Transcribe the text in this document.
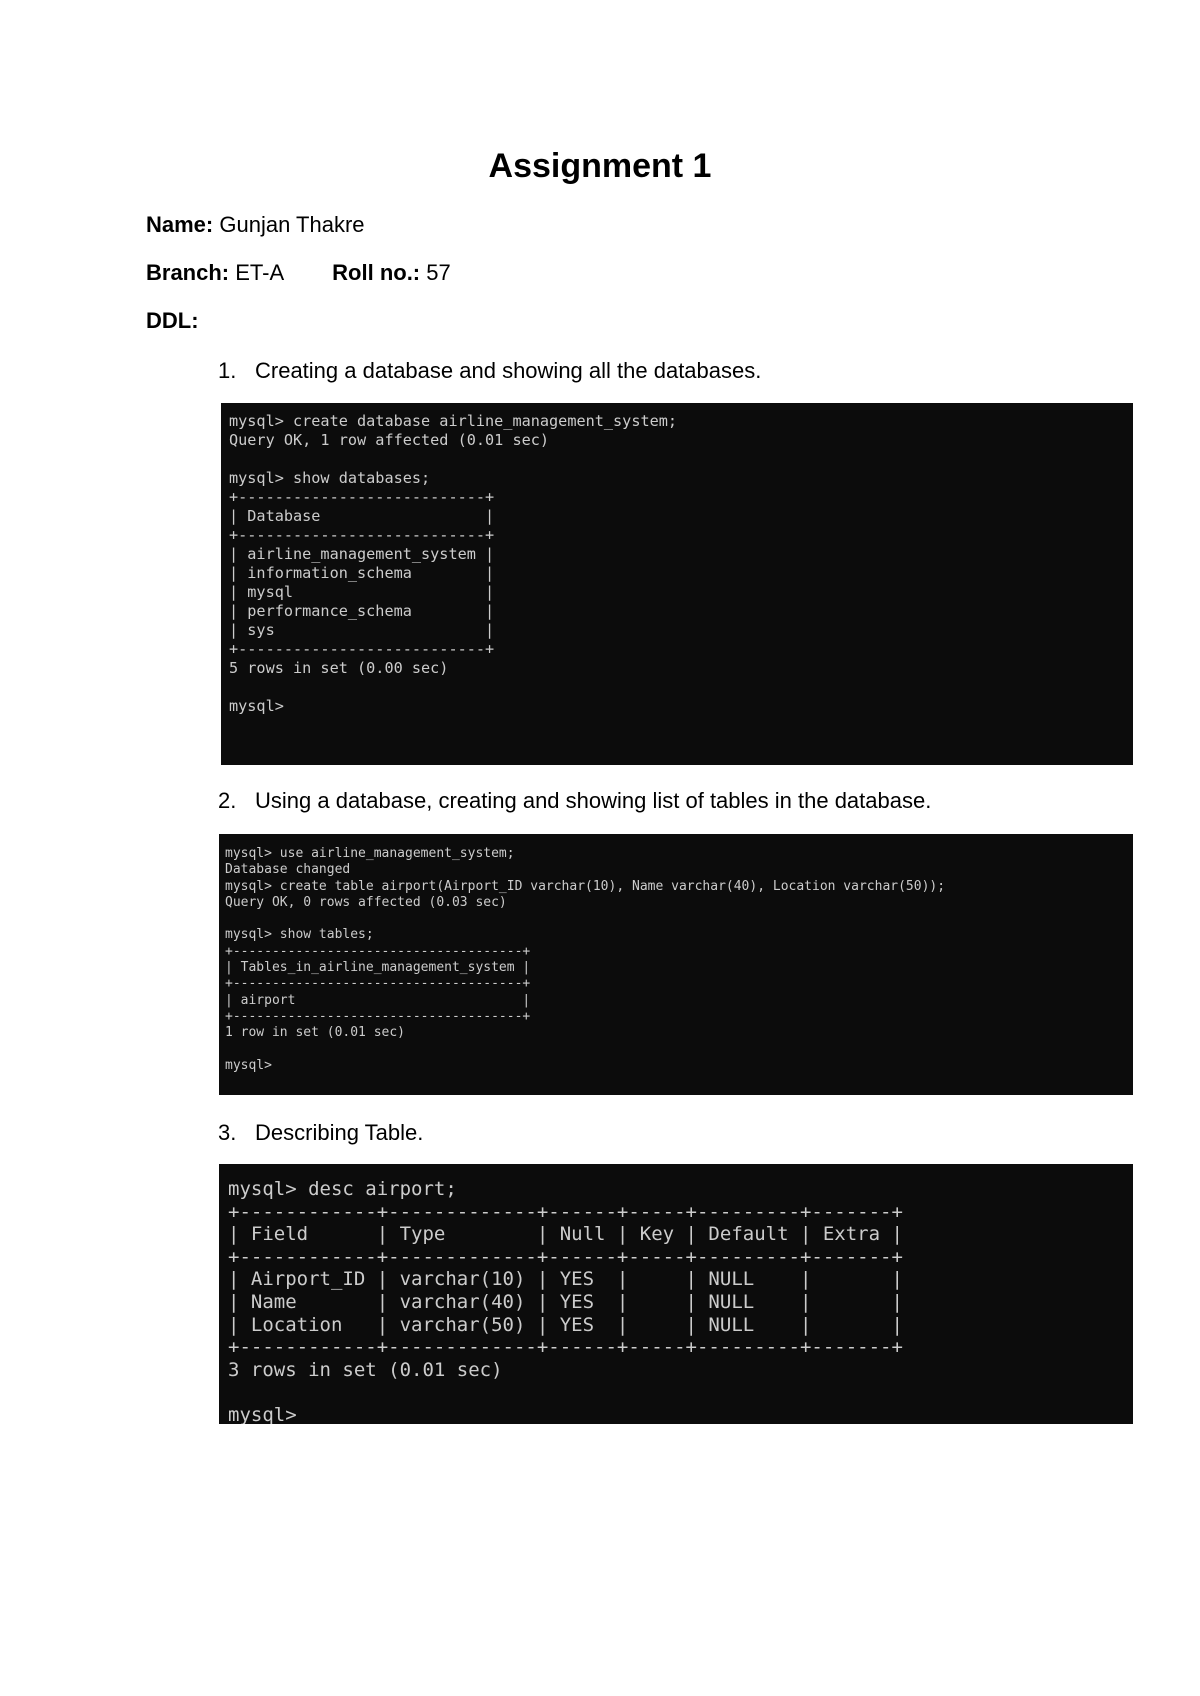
Assignment 1

Name: Gunjan Thakre

Branch: ET-A Roll no.: 57

DDL:

1. Creating a database and showing all the databases.

mysql> create database airline_management_system;
Query OK, 1 row affected (0.01 sec)

mysql> show databases;
+---------------------------+
| Database                  |
+---------------------------+
| airline_management_system |
| information_schema        |
| mysql                     |
| performance_schema        |
| sys                       |
+---------------------------+
5 rows in set (0.00 sec)

mysql>

2. Using a database, creating and showing list of tables in the database.

mysql> use airline_management_system;
Database changed
mysql> create table airport(Airport_ID varchar(10), Name varchar(40), Location varchar(50));
Query OK, 0 rows affected (0.03 sec)

mysql> show tables;
+-------------------------------------+
| Tables_in_airline_management_system |
+-------------------------------------+
| airport                             |
+-------------------------------------+
1 row in set (0.01 sec)

mysql>

3. Describing Table.

mysql> desc airport;
+------------+-------------+------+-----+---------+-------+
| Field      | Type        | Null | Key | Default | Extra |
+------------+-------------+------+-----+---------+-------+
| Airport_ID | varchar(10) | YES  |     | NULL    |       |
| Name       | varchar(40) | YES  |     | NULL    |       |
| Location   | varchar(50) | YES  |     | NULL    |       |
+------------+-------------+------+-----+---------+-------+
3 rows in set (0.01 sec)

mysql>
